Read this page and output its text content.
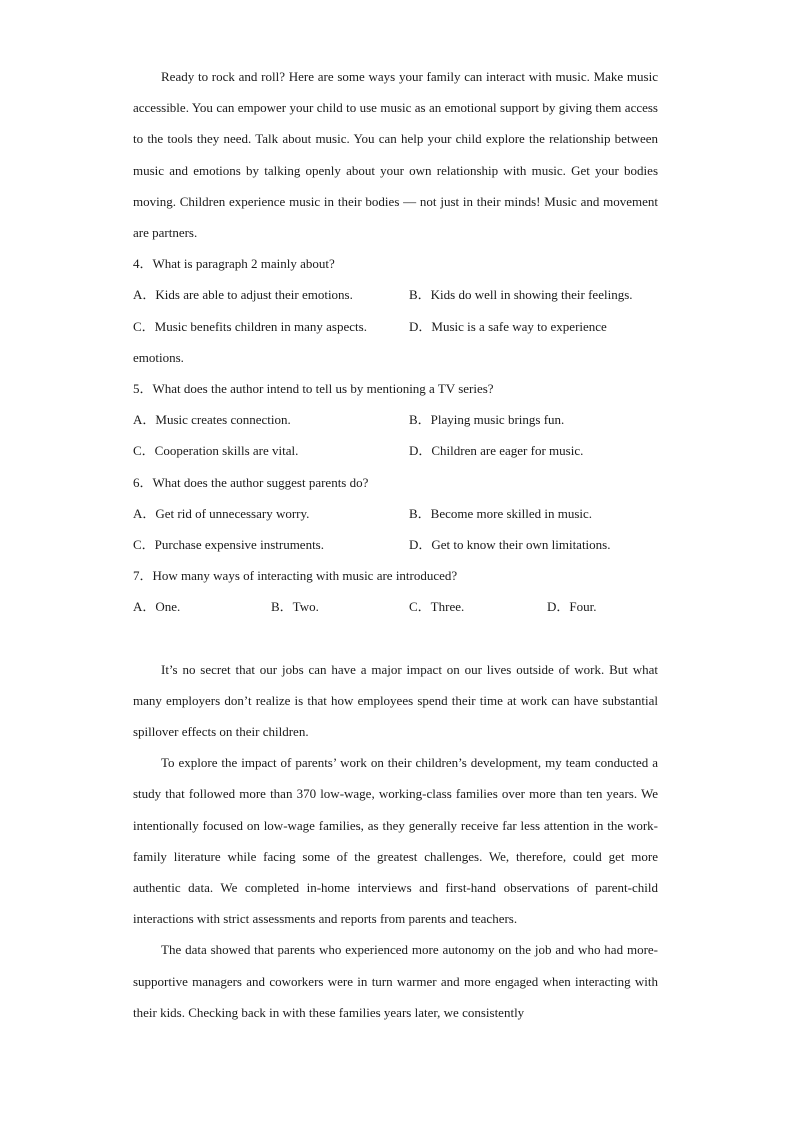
Ready to rock and roll? Here are some ways your family can interact with music. Make music accessible. You can empower your child to use music as an emotional support by giving them access to the tools they need. Talk about music. You can help your child explore the relationship between music and emotions by talking openly about your own relationship with music. Get your bodies moving. Children experience music in their bodies — not just in their minds! Music and movement are partners.

4．What is paragraph 2 mainly about?

A．Kids are able to adjust their emotions.	B．Kids do well in showing their feelings.
C．Music benefits children in many aspects.	D．Music is a safe way to experience

emotions.

5．What does the author intend to tell us by mentioning a TV series?

A．Music creates connection.	B．Playing music brings fun.
C．Cooperation skills are vital.	D．Children are eager for music.

6．What does the author suggest parents do?

A．Get rid of unnecessary worry.	B．Become more skilled in music.
C．Purchase expensive instruments.	D．Get to know their own limitations.

7．How many ways of interacting with music are introduced?

A．One.	B．Two.	C．Three.	D．Four.

It’s no secret that our jobs can have a major impact on our lives outside of work. But what many employers don’t realize is that how employees spend their time at work can have substantial spillover effects on their children.

To explore the impact of parents’ work on their children’s development, my team conducted a study that followed more than 370 low-wage, working-class families over more than ten years. We intentionally focused on low-wage families, as they generally receive far less attention in the work-family literature while facing some of the greatest challenges. We, therefore, could get more authentic data. We completed in-home interviews and first-hand observations of parent-child interactions with strict assessments and reports from parents and teachers.

The data showed that parents who experienced more autonomy on the job and who had more-supportive managers and coworkers were in turn warmer and more engaged when interacting with their kids. Checking back in with these families years later, we consistently
